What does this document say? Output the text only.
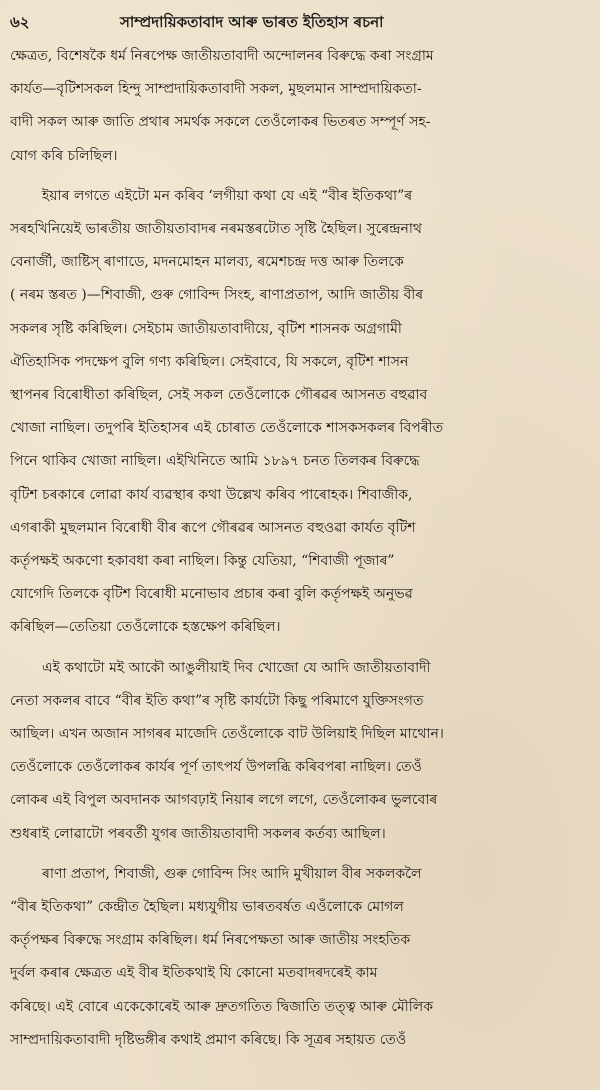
৬২	সাম্প্ৰদায়িকতাবাদ আৰু ভাৰত ইতিহাস ৰচনা
ক্ষেত্ৰত, বিশেষকৈ ধৰ্ম নিৰপেক্ষ জাতীয়তাবাদী অন্দোলনৰ বিৰুদ্ধে কৰা সংগ্ৰাম
কাৰ্যত—বৃটিশসকল হিন্দু সাম্প্ৰদায়িকতাবাদী সকল, মুছলমান সাম্প্ৰদায়িকতা-
বাদী সকল আৰু জাতি প্ৰথাৰ সমৰ্থক সকলে তেওঁলোকৰ ভিতৰত সম্পূৰ্ণ সহ-
যোগ কৰি চলিছিল।
ইয়াৰ লগতে এইটো মন কৰিব ‘লগীয়া কথা যে এই “বীৰ ইতিকথা”ৰ
সৰহখিনিয়েই ভাৰতীয় জাতীয়তাবাদৰ নৰমস্তৰটোত সৃষ্টি হৈছিল। সুৰেন্দ্ৰনাথ
বেনাৰ্জী, জাষ্টিস্ ৰাণাডে, মদনমোহন মালব্য, ৰমেশচন্দ্ৰ দত্ত আৰু তিলকে
( নৰম স্তৰত )—শিবাজী, গুৰু গোবিন্দ সিংহ, ৰাণাপ্ৰতাপ, আদি জাতীয় বীৰ
সকলৰ সৃষ্টি কৰিছিল। সেইচাম জাতীয়তাবাদীয়ে, বৃটিশ শাসনক অগ্ৰগামী
ঐতিহাসিক পদক্ষেপ বুলি গণ্য কৰিছিল। সেইবাবে, যি সকলে, বৃটিশ শাসন
স্থাপনৰ বিৰোধীতা কৰিছিল, সেই সকল তেওঁলোকে গৌৰৱৰ আসনত বহুৱাব
খোজা নাছিল। তদুপৰি ইতিহাসৰ এই চোৰাত তেওঁলোকে শাসকসকলৰ বিপৰীত
পিনে থাকিব খোজা নাছিল। এইখিনিতে আমি ১৮৯৭ চনত তিলকৰ বিৰুদ্ধে
বৃটিশ চৰকাৰে লোৱা কাৰ্য ব্যৱস্থাৰ কথা উল্লেখ কৰিব পাৰোহক। শিবাজীক,
এগৰাকী মুছলমান বিৰোধী বীৰ ৰূপে গৌৰৱৰ আসনত বহুওৱা কাৰ্যত বৃটিশ
কৰ্তৃপক্ষই অকণো হকাবধা কৰা নাছিল। কিন্তু যেতিয়া, “শিবাজী পূজাৰ”
যোগেদি তিলকে বৃটিশ বিৰোধী মনোভাব প্ৰচাৰ কৰা বুলি কৰ্তৃপক্ষই অনুভৱ
কৰিছিল—তেতিয়া তেওঁলোকে হস্তক্ষেপ কৰিছিল।
এই কথাটো মই আকৌ আঙুলীয়াই দিব খোজো যে আদি জাতীয়তাবাদী
নেতা সকলৰ বাবে “বীৰ ইতি কথা”ৰ সৃষ্টি কাৰ্যটো কিছু পৰিমাণে যুক্তিসংগত
আছিল। এখন অজান সাগৰৰ মাজেদি তেওঁলোকে বাট উলিয়াই দিছিল মাথোন।
তেওঁলোকে তেওঁলোকৰ কাৰ্যৰ পূৰ্ণ তাৎপৰ্য উপলব্ধি কৰিবপৰা নাছিল। তেওঁ
লোকৰ এই বিপুল অবদানক আগবঢ়াই নিয়াৰ লগে লগে, তেওঁলোকৰ ভুলবোৰ
শুধৰাই লোৱাটো পৰবৰ্তী যুগৰ জাতীয়তাবাদী সকলৰ কৰ্তব্য আছিল।
ৰাণা প্ৰতাপ, শিবাজী, গুৰু গোবিন্দ সিং আদি মুখীয়াল বীৰ সকলকলৈ
“বীৰ ইতিকথা” কেন্দ্ৰীত হৈছিল। মধ্যযুগীয় ভাৰতবৰ্ষত এওঁলোকে মোগল
কৰ্তৃপক্ষৰ বিৰুদ্ধে সংগ্ৰাম কৰিছিল। ধৰ্ম নিৰপেক্ষতা আৰু জাতীয় সংহতিক
দুৰ্বল কৰাৰ ক্ষেত্ৰত এই বীৰ ইতিকথাই যি কোনো মতবাদৰদৰেই কাম
কৰিছে। এই বোৰে একেকোৰেই আৰু দ্ৰুতগতিত দ্বিজাতি তত্ত্ব আৰু মৌলিক
সাম্প্ৰদায়িকতাবাদী দৃষ্টিভঙ্গীৰ কথাই প্ৰমাণ কৰিছে। কি সূত্ৰৰ সহায়ত তেওঁ
